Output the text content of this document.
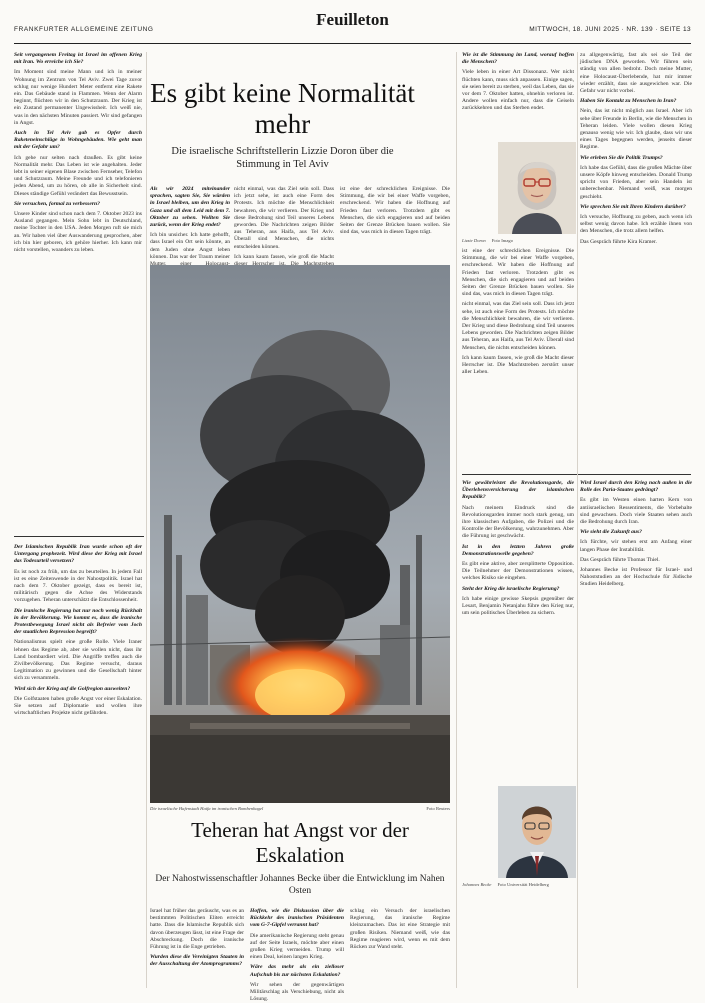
FRANKFURTER ALLGEMEINE ZEITUNG
Feuilleton
MITTWOCH, 18. JUNI 2025 · NR. 139 · SEITE 13

Seit vergangenem Freitag ist Israel im offenen Krieg mit Iran. Wo erreiche ich Sie?

Im Moment sind meine Mann und ich in meiner Wohnung im Zentrum von Tel Aviv. Zwei Tage zuvor schlug nur wenige Hundert Meter entfernt eine Rakete ein. Das Gebäude stand in Flammen. Wenn der Alarm beginnt, flüchten wir in den Schutzraum. Der Krieg ist ein Zustand permanenter Ungewissheit. Ich weiß nie, was in den nächsten Minuten passiert. Wir sind gefangen in Angst.

Auch in Tel Aviv gab es Opfer durch Raketeneinschläge in Wohngebäuden. Wie geht man mit der Gefahr um?

Ich gehe nur selten nach draußen. Es gibt keine Normalität mehr. Das Leben ist wie angehalten. Jeder lebt in seiner eigenen Blase zwischen Fernseher, Telefon und Schutzraum. Meine Freunde und ich telefonieren jeden Abend, um zu hören, ob alle in Sicherheit sind. Dieses ständige Gefühl verändert das Bewusstsein.

Sie versuchen, formal zu verbessern?

Unsere Kinder sind schon nach dem 7. Oktober 2023 ins Ausland gegangen. Mein Sohn lebt in Deutschland, meine Tochter in den USA. Jeden Morgen ruft sie mich an. Wir haben viel über Auswanderung gesprochen, aber ich bin hier geboren, ich gehöre hierher. Ich kann mir nicht vorstellen, woanders zu leben.

Es gibt keine Normalität mehr
Die israelische Schriftstellerin Lizzie Doron über die Stimmung in Tel Aviv

Als wir 2024 miteinander sprachen, sagten Sie, Sie würden in Israel bleiben, um den Krieg in Gaza und all dem Leid mit dem 7. Oktober zu sehen. Wollten Sie zurück, wenn der Krieg endet?

Ich bin unsicher. Ich hatte gehofft, dass Israel ein Ort sein könnte, an dem Juden ohne Angst leben können. Das war der Traum meiner

nicht einmal, was das Ziel sein soll. Dass ich jetzt sehe, ist auch eine Form des Protests. Ich möchte die Menschlichkeit bewahren, die wir verlieren. Der Krieg und diese Bedrohung sind Teil unseres Lebens geworden. Die Nachrichten zeigen Bilder aus Teheran, aus Haifa, aus Tel Aviv. Überall sind Menschen, die nichts entscheiden können.

Ich kann kaum fassen, wie groß die Macht

ist eine der schrecklichen Ereignisse. Die Stimmung, die wir bei einer Waffe vorgeben, erschreckend. Wir haben die Hoffnung auf Frieden fast verloren. Trotzdem gibt es Menschen, die sich engagieren und auf beiden Seiten der Grenze Brücken bauen wollen. Sie sind das, was mich in diesen Tagen trägt.

Wie ist die Stimmung im Land, worauf hoffen die Menschen?

Viele leben in einer Art Dissonanz. Wer nicht flüchten kann, muss sich anpassen. Einige sagen, sie seien bereit zu sterben, weil das Leben, das sie vor dem 7. Oktober hatten, ohnehin verloren ist. Andere wollen einfach nur, dass die Geiseln zurückkehren und das Sterben endet.

Lizzie Doron Foto Imago

ist eine der schrecklichen Ereignisse. Die Stimmung, die wir bei einer Waffe vorgeben, erschreckend. Wir haben die Hoffnung auf Frieden fast verloren. Trotzdem gibt es Menschen, die sich engagieren und auf beiden Seiten der Grenze Brücken bauen wollen. Sie sind das, was mich in diesen Tagen trägt.

nicht einmal, was das Ziel sein soll. Dass ich jetzt sehe, ist auch eine Form des Protests. Ich möchte die Menschlichkeit bewahren, die wir verlieren. Der Krieg und diese Bedrohung sind Teil unseres Lebens geworden. Die Nachrichten zeigen Bilder aus Teheran, aus Haifa, aus Tel Aviv. Überall sind Menschen, die nichts entscheiden können.

Ich kann kaum fassen, wie groß die Macht dieser Herrscher ist. Die Machtstreben zerstört unser aller Leben.

zu allgegenwärtig, fast als sei sie Teil der jüdischen DNA geworden. Wir führen sein ständig von allen bedroht. Doch meine Mutter, eine Holocaust-Überlebende, hat mir immer wieder erzählt, dass sie ausgewichen war. Die Gefahr war nicht vorbei.

Haben Sie Kontakt zu Menschen in Iran?

Nein, das ist nicht möglich aus Israel. Aber ich sehe über Freunde in Berlin, wie die Menschen in Teheran leiden. Viele wollen diesen Krieg genauso wenig wie wir. Ich glaube, dass wir uns eines Tages begegnen werden, jenseits dieser Regime.

Wie erleben Sie die Politik Trumps?

Ich habe das Gefühl, dass die großen Mächte über unsere Köpfe hinweg entscheiden. Donald Trump spricht von Frieden, aber sein Handeln ist unberechenbar. Niemand weiß, was morgen geschieht.

Wie sprechen Sie mit Ihren Kindern darüber?

Ich versuche, Hoffnung zu geben, auch wenn ich selbst wenig davon habe. Ich erzähle ihnen von den Menschen, die trotz allem helfen.

Das Gespräch führte Kira Kramer.

Die israelische Hafenstadt Haifa im iranischen Bombenhagel	Foto Reuters

Der Islamischen Republik Iran wurde schon oft der Untergang prophezeit. Wird diese der Krieg mit Israel das Todesurteil versetzen?

Es ist noch zu früh, um das zu beurteilen. In jedem Fall ist es eine Zeitenwende in der Nahostpolitik. Israel hat nach dem 7. Oktober gezeigt, dass es bereit ist, militärisch gegen die Achse des Widerstands vorzugehen. Teheran unterschätzt die Entschlossenheit.

Die iranische Regierung hat nur noch wenig Rückhalt in der Bevölkerung. Wie kommt es, dass die iranische Protestbewegung Israel nicht als Befreier vom Joch der staatlichen Repression begreift?

Nationalismus spielt eine große Rolle. Viele Iraner lehnen das Regime ab, aber sie wollen nicht, dass ihr Land bombardiert wird. Die Angriffe treffen auch die Zivilbevölkerung. Das Regime versucht, daraus Legitimation zu gewinnen und die Gesellschaft hinter sich zu versammeln.

Wird sich der Krieg auf die Golfregion ausweiten?

Die Golfstaaten haben große Angst vor einer Eskalation. Sie setzen auf Diplomatie und wollen ihre wirtschaftlichen Projekte nicht gefährden.

Teheran hat Angst vor der Eskalation
Der Nahostwissenschaftler Johannes Becke über die Entwicklung im Nahen Osten

Israel hat früher das geräuscht, was es an bestimmten Politischen Eliten erreicht hatte. Dass die Islamische Republik sich davon überzeugen lässt, ist eine Frage der Abschreckung. Doch die iranische Führung ist in die Enge getrieben.

Wurden diese die Vereinigten Staaten in der Ausschaltung der Atomprogramms?

Hoffen, wie die Diskussion über die Rückkehr des iranischen Präsidenten vom G-7-Gipfel verrannt hat?

Die amerikanische Regierung steht genau auf der Seite Israels, möchte aber einen großen Krieg vermeiden. Trump will einen Deal, keinen langen Krieg.

Wäre das mehr als ein zielloser Aufschub bis zur nächsten Eskalation?

Wir sehen der gegenwärtigen Militärschlag als Verschiebung, nicht als Lösung.

schlag ein Versuch der israelischen Regierung, das iranische Regime kleinzumachen. Das ist eine Strategie mit großen Risiken. Niemand weiß, wie das Regime reagieren wird, wenn es mit dem Rücken zur Wand steht.

Wie gewährleistet die Revolutionsgarde, die Überlebensversicherung der islamischen Republik?

Nach meinem Eindruck sind die Revolutionsgarden immer noch stark genug, um ihre klassischen Aufgaben, die Polizei und die Kontrolle der Bevölkerung, wahrzunehmen. Aber die Führung ist geschwächt.

Ist in den letzten Jahren große Demonstrationswelle gegeben?

Es gibt eine aktive, aber zersplitterte Opposition. Die Teilnehmer der Demonstrationen wissen, welches Risiko sie eingehen.

Steht der Krieg die israelische Regierung?

Ich habe einige gewisse Skepsis gegenüber der Lesart, Benjamin Netanjahu führe den Krieg nur, um sein politisches Überleben zu sichern.

Johannes Becke Foto Universität Heidelberg

Wird Israel durch den Krieg nach außen in die Rolle des Paria-Staates gedrängt?

Es gibt im Westen einen harten Kern von antiisraelischen Ressentiments, die Vorbehalte sind gewachsen. Doch viele Staaten sehen auch die Bedrohung durch Iran.

Wie sieht die Zukunft aus?

Ich fürchte, wir stehen erst am Anfang einer langen Phase der Instabilität.

Das Gespräch führte Thomas Thiel.

Johannes Becke ist Professor für Israel- und Nahoststudien an der Hochschule für Jüdische Studien Heidelberg.
